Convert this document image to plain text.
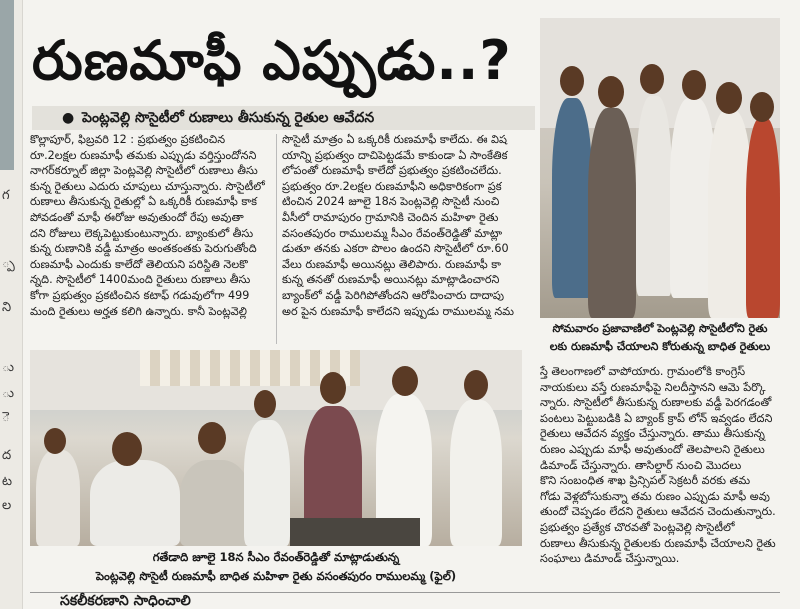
గ
్ప
ని
ు
ు
ె
ద
ట
ల
రుణమాఫీ ఎప్పుడు..?
● పెంట్లవెల్లి సొసైటీలో రుణాలు తీసుకున్న రైతుల ఆవేదన

కొల్లాపూర్, ఫిబ్రవరి 12 : ప్రభుత్వం ప్రకటించిన

రూ.2లక్షల రుణమాఫీ తమకు ఎప్పుడు వర్తిస్తుందోనని

నాగర్‌కర్నూల్ జిల్లా పెంట్లవెల్లి సొసైటీలో రుణాలు తీసు

కున్న రైతులు ఎదురు చూపులు చూస్తున్నారు. సొసైటీలో

రుణాలు తీసుకున్న రైతుల్లో ఏ ఒక్కరికీ రుణమాఫీ కాక

పోవడంతో మాఫీ ఈరోజు అవుతుందో రేపు అవుతా

దని రోజులు లెక్కపెట్టుకుంటున్నారు. బ్యాంకులో తీసు

కున్న రుణానికి వడ్డీ మాత్రం అంతకంతకు పెరుగుతోంది

రుణమాఫీ ఎందుకు కాలేదో తెలియని పరిస్థితి నెలకొ

న్నది. సొసైటీలో 1400మంది రైతులు రుణాలు తీసు

కోగా ప్రభుత్వం ప్రకటించిన కటాఫ్ గడువులోగా 499

మంది రైతులు అర్హత కలిగి ఉన్నారు. కానీ పెంట్లవెల్లి

సొసైటీ మాత్రం ఏ ఒక్కరికీ రుణమాఫీ కాలేదు. ఈ విష

యాన్ని ప్రభుత్వం దాచిపెట్టడమే కాకుండా ఏ సాంకేతిక

లోపంతో రుణమాఫీ కాలేదో ప్రభుత్వం ప్రకటించలేదు.

ప్రభుత్వం రూ.2లక్షల రుణమాఫీని అధికారికంగా ప్రక

టించిన 2024 జూలై 18న పెంట్లవెల్లి సొసైటీ నుంచి

వీసీలో రామాపురం గ్రామానికి చెందిన మహిళా రైతు

వసంతపురం రాములమ్మ సీఎం రేవంత్‌రెడ్డితో మాట్లా

డుతూ తనకు ఎకరా పొలం ఉందని సొసైటీలో రూ.60

వేలు రుణమాఫీ అయినట్లు తెలిపారు. రుణమాఫీ కా

కున్న తనతో రుణమాఫీ అయినట్లు మాట్లాడించారని

బ్యాంక్‌లో వడ్డీ పెరిగిపోతోందని ఆరోపించారు దాదాపు

అర పైన రుణమాఫీ కాలేదని ఇప్పుడు రాములమ్మ నమ

సోమవారం ప్రజావాణిలో పెంట్లవెల్లి సొసైటీలోని రైతు
లకు రుణమాఫీ చేయాలని కోరుతున్న బాధిత రైతులు
గతేడాది జూలై 18న సీఎం రేవంత్‌రెడ్డితో మాట్లాడుతున్న
పెంట్లవెల్లి సొసైటీ రుణమాఫీ బాధిత మహిళా రైతు వసంతపురం రాములమ్మ (ఫైల్)

స్తే తెలంగాణలో వాపోయారు. గ్రామంలోకి కాంగ్రెస్

నాయకులు వస్తే రుణమాఫీపై నిలదీస్తానని ఆమె పేర్కొ

న్నారు. సొసైటీలో తీసుకున్న రుణాలకు వడ్డీ పెరగడంతో

పంటలు పెట్టుబడికి ఏ బ్యాంక్ క్రాప్ లోన్ ఇవ్వడం లేదని

రైతులు ఆవేదన వ్యక్తం చేస్తున్నారు. తాము తీసుకున్న

రుణం ఎప్పుడు మాఫీ అవుతుందో తెలపాలని రైతులు

డిమాండ్ చేస్తున్నారు. తాసిల్దార్ నుంచి మొదలు

కొని సంబంధిత శాఖ ప్రిన్సిపల్ సెక్రటరీ వరకు తమ

గోడు వెళ్లబోసుకున్నా తమ రుణం ఎప్పుడు మాఫీ అవు

తుందో చెప్పడం లేదని రైతులు ఆవేదన చెందుతున్నారు.

ప్రభుత్వం ప్రత్యేక చొరవతో పెంట్లవెల్లి సొసైటీలో

రుణాలు తీసుకున్న రైతులకు రుణమాఫీ చేయాలని రైతు

సంఘాలు డిమాండ్ చేస్తున్నాయి.

సకలీకరణాని సాధించాలి
